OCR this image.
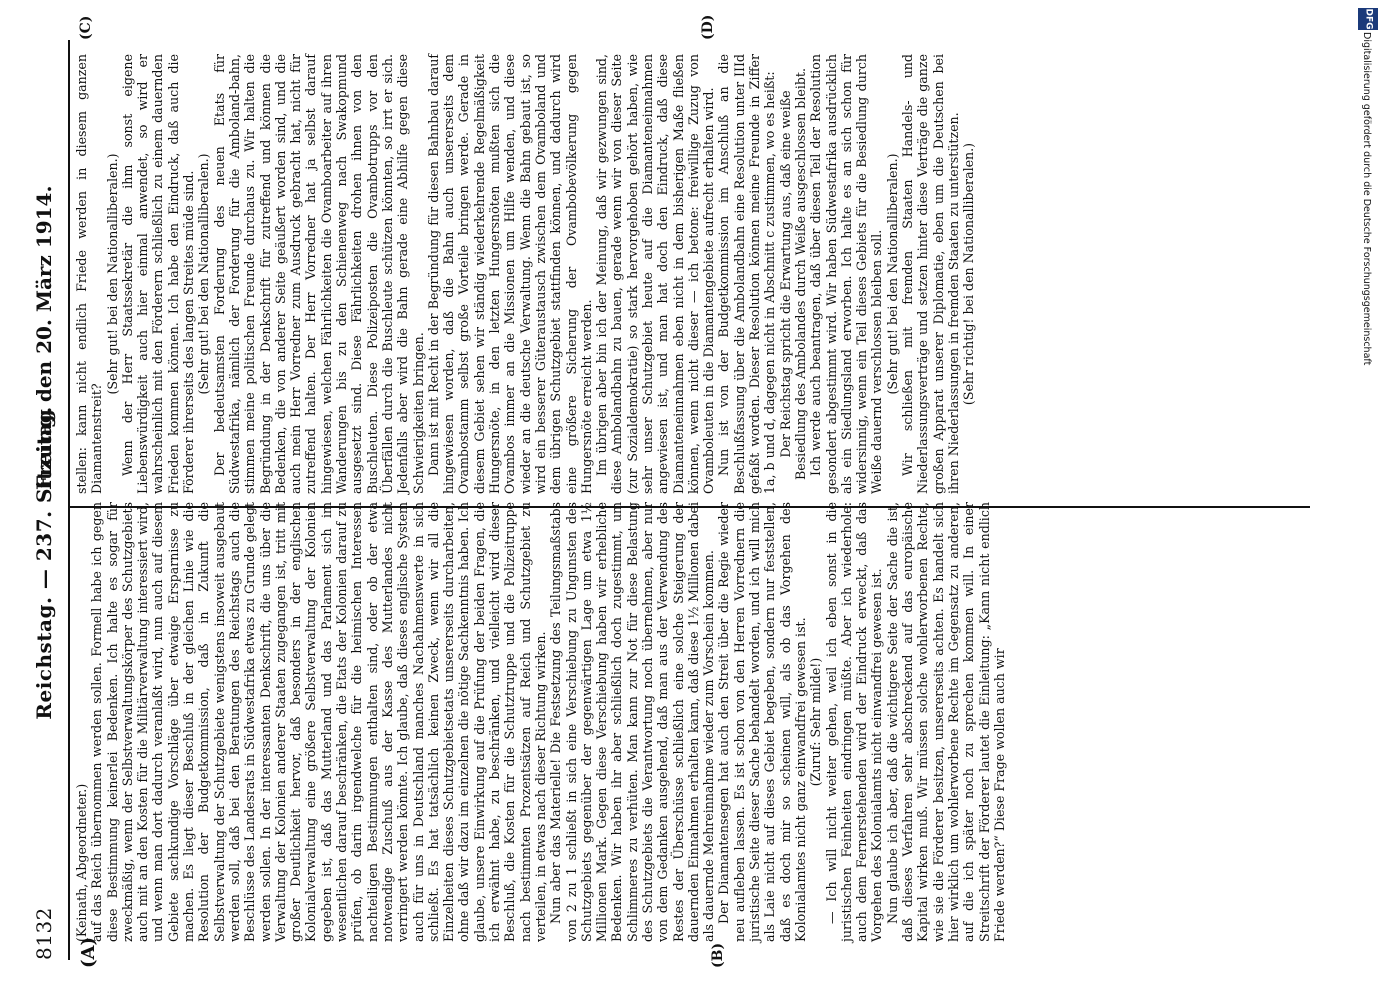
8132 Reichstag. — 237. Sitzung.
Freitag den 20. März 1914.
(A)	(B)
(C)	(D)

(Keinath, Abgeordneter.) auf das Reich übernommen werden sollen. Formell habe ich gegen diese Bestimmung keinerlei Bedenken. Ich halte es sogar für zweckmäßig, wenn der Selbstverwaltungskörper des Schutzgebiets auch mit an den Kosten für die Militärverwaltung interessiert wird, und wenn man dort dadurch veranlaßt wird, nun auch auf diesem Gebiete sachkundige Vorschläge über etwaige Ersparnisse zu machen. Es liegt dieser Beschluß in der gleichen Linie wie die Resolution der Budgetkommission, daß in Zukunft die Selbstverwaltung der Schutzgebiete wenigstens insoweit ausgebaut werden soll, daß bei den Beratungen des Reichstags auch die Beschlüsse des Landesrats in Südwestafrika etwas zu Grunde gelegt werden sollen. In der interessanten Denkschrift, die uns über die Verwaltung der Kolonien anderer Staaten zugegangen ist, tritt mit großer Deutlichkeit hervor, daß besonders in der englischen Kolonialverwaltung eine größere Selbstverwaltung der Kolonien gegeben ist, daß das Mutterland und das Parlament sich im wesentlichen darauf beschränken, die Etats der Kolonien darauf zu prüfen, ob darin irgendwelche für die heimischen Interessen nachteiligen Bestimmungen enthalten sind, oder ob der etwa notwendige Zuschuß aus der Kasse des Mutterlandes nicht verringert werden könnte. Ich glaube, daß dieses englische System auch für uns in Deutschland manches Nachahmenswerte in sich schließt. Es hat tatsächlich keinen Zweck, wenn wir all die Einzelheiten dieses Schutzgebietsetats unsererseits durcharbeiten, ohne daß wir dazu im einzelnen die nötige Sachkenntnis haben. Ich glaube, unsere Einwirkung auf die Prüfung der beiden Fragen, die ich erwähnt habe, zu beschränken, und vielleicht wird dieser Beschluß, die Kosten für die Schutztruppe und die Polizeitruppe nach bestimmten Prozentsätzen auf Reich und Schutzgebiet zu verteilen, in etwas nach dieser Richtung wirken. Nun aber das Materielle! Die Festsetzung des Teilungsmaßstabs von 2 zu 1 schließt in sich eine Verschiebung zu Ungunsten des Schutzgebiets gegenüber der gegenwärtigen Lage um etwa 1½ Millionen Mark. Gegen diese Verschiebung haben wir erhebliche Bedenken. Wir haben ihr aber schließlich doch zugestimmt, um Schlimmeres zu verhüten. Man kann zur Not für diese Belastung des Schutzgebiets die Verantwortung noch übernehmen, aber nur von dem Gedanken ausgehend, daß man aus der Verwendung des Restes der Überschüsse schließlich eine solche Steigerung der dauernden Einnahmen erhalten kann, daß diese 1½ Millionen dabei als dauernde Mehreinnahme wieder zum Vorschein kommen. Der Diamantensegen hat auch den Streit über die Regie wieder neu aufleben lassen. Es ist schon von den Herren Vorrednern die juristische Seite dieser Sache behandelt worden, und ich will mich als Laie nicht auf dieses Gebiet begeben, sondern nur feststellen, daß es doch mir so scheinen will, als ob das Vorgehen des Kolonialamtes nicht ganz einwandfrei gewesen ist. (Zuruf: Sehr milde!) — Ich will nicht weiter gehen, weil ich eben sonst in die juristischen Feinheiten eindringen müßte. Aber ich wiederhole: auch dem Fernerstehenden wird der Eindruck erweckt, daß das Vorgehen des Kolonialamts nicht einwandfrei gewesen ist. Nun glaube ich aber, daß die wichtigere Seite der Sache die ist, daß dieses Verfahren sehr abschreckend auf das europäische Kapital wirken muß. Wir müssen solche wohlerworbenen Rechte, wie sie die Förderer besitzen, unsererseits achten. Es handelt sich hier wirklich um wohlerworbene Rechte im Gegensatz zu anderen, auf die ich später noch zu sprechen kommen will. In einer Streitschrift der Förderer lautet die Einleitung: „Kann nicht endlich Friede werden?“ Diese Frage wollen auch wir

stellen: kann nicht endlich Friede werden in diesem ganzen Diamantenstreit?

(Sehr gut! bei den Nationalliberalen.) Wenn der Herr Staatssekretär die ihm sonst eigene Liebenswürdigkeit auch hier einmal anwendet, so wird er wahrscheinlich mit den Förderern schließlich zu einem dauernden Frieden kommen können. Ich habe den Eindruck, daß auch die Förderer ihrerseits des langen Streites müde sind. (Sehr gut! bei den Nationalliberalen.) Der bedeutsamsten Forderung des neuen Etats für Südwestafrika, nämlich der Forderung für die Amboland-bahn, stimmen meine politischen Freunde durchaus zu. Wir halten die Begründung in der Denkschrift für zutreffend und können die Bedenken, die von anderer Seite geäußert worden sind, und die auch mein Herr Vorredner zum Ausdruck gebracht hat, nicht für zutreffend halten. Der Herr Vorredner hat ja selbst darauf hingewiesen, welchen Fährlichkeiten die Ovamboarbeiter auf ihren Wanderungen bis zu den Schienenweg nach Swakopmund ausgesetzt sind. Diese Fährlichkeiten drohen ihnen von den Buschleuten. Diese Polizeiposten die Ovambotrupps vor den Überfällen durch die Buschleute schützen könnten, so irrt er sich. Jedenfalls aber wird die Bahn gerade eine Abhilfe gegen diese Schwierigkeiten bringen. Dann ist mit Recht in der Begründung für diesen Bahnbau darauf hingewiesen worden, daß die Bahn auch unsererseits dem Ovambostamm selbst große Vorteile bringen werde. Gerade in diesem Gebiet sehen wir ständig wiederkehrende Regelmäßigkeit Hungersnöte, in den letzten Hungersnöten mußten sich die Ovambos immer an die Missionen um Hilfe wenden, und diese wieder an die deutsche Verwaltung. Wenn die Bahn gebaut ist, so wird ein besserer Güteraustausch zwischen dem Ovamboland und dem übrigen Schutzgebiet stattfinden können, und dadurch wird eine größere Sicherung der Ovambobevölkerung gegen Hungersnöte erreicht werden. Im übrigen aber bin ich der Meinung, daß wir gezwungen sind, diese Ambolandbahn zu bauen, gerade wenn wir von dieser Seite (zur Sozialdemokratie) so stark hervorgehoben gehört haben, wie sehr unser Schutzgebiet heute auf die Diamanteneinnahmen angewiesen ist, und man hat doch den Eindruck, daß diese Diamanteneinnahmen eben nicht in dem bisherigen Maße fließen können, wenn nicht dieser — ich betone: freiwillige Zuzug von Ovamboleuten in die Diamantengebiete aufrecht erhalten wird. Nun ist von der Budgetkommission im Anschluß an die Beschlußfassung über die Ambolandbahn eine Resolution unter IIId gefaßt worden. Dieser Resolution können meine Freunde in Ziffer 1a, b und d, dagegen nicht in Abschnitt c zustimmen, wo es heißt: Der Reichstag spricht die Erwartung aus, daß eine weiße Besiedlung des Ambolandes durch Weiße ausgeschlossen bleibt. Ich werde auch beantragen, daß über diesen Teil der Resolution gesondert abgestimmt wird. Wir haben Südwestafrika ausdrücklich als ein Siedlungsland erworben. Ich halte es an sich schon für widersinnig, wenn ein Teil dieses Gebiets für die Besiedlung durch Weiße dauernd verschlossen bleiben soll. (Sehr gut! bei den Nationalliberalen.) Wir schließen mit fremden Staaten Handels- und Niederlassungsverträge und setzen hinter diese Verträge die ganze großen Apparat unserer Diplomatie, eben um die Deutschen bei ihren Niederlassungen in fremden Staaten zu unterstützen. (Sehr richtig! bei den Nationalliberalen.)

DFG
Digitalisierung gefördert durch die Deutsche Forschungsgemeinschaft
